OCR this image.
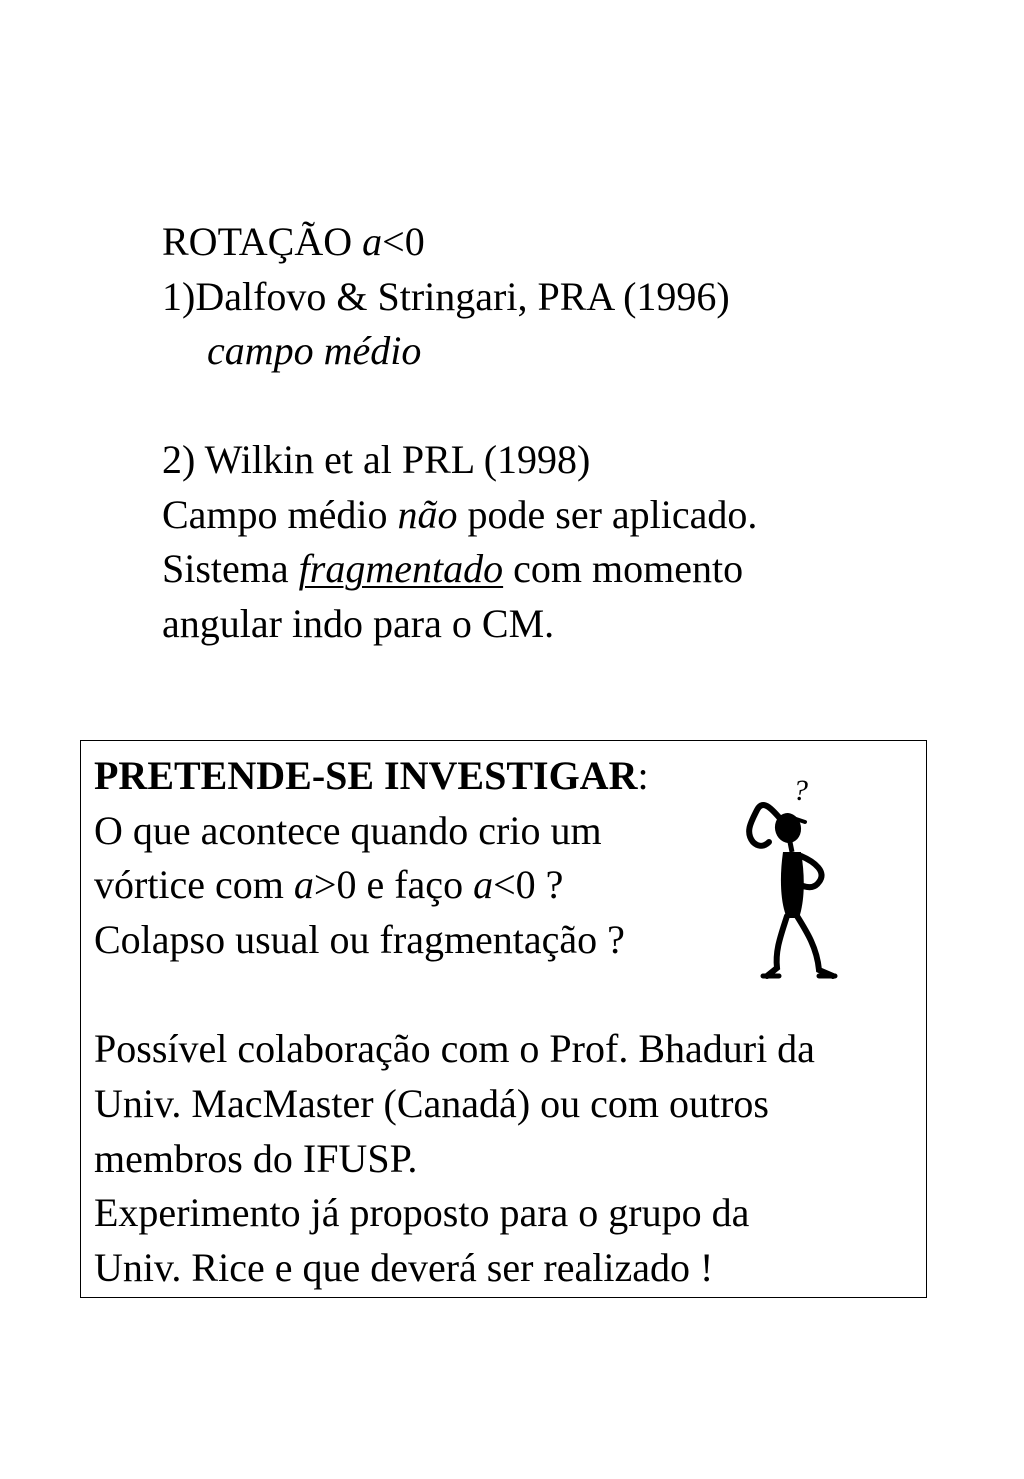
ROTAÇÃO a<0

1)Dalfovo & Stringari, PRA (1996)

campo médio

2) Wilkin et al PRL (1998)

Campo médio não pode ser aplicado.

Sistema fragmentado com momento

angular indo para o CM.

PRETENDE-SE INVESTIGAR:

O que acontece quando crio um

vórtice com a>0 e faço a<0 ?

Colapso usual ou fragmentação ?

Possível colaboração com o Prof. Bhaduri da

Univ. MacMaster (Canadá) ou com outros

membros do IFUSP.

Experimento já proposto para o grupo da

Univ. Rice e que deverá ser realizado !

?
